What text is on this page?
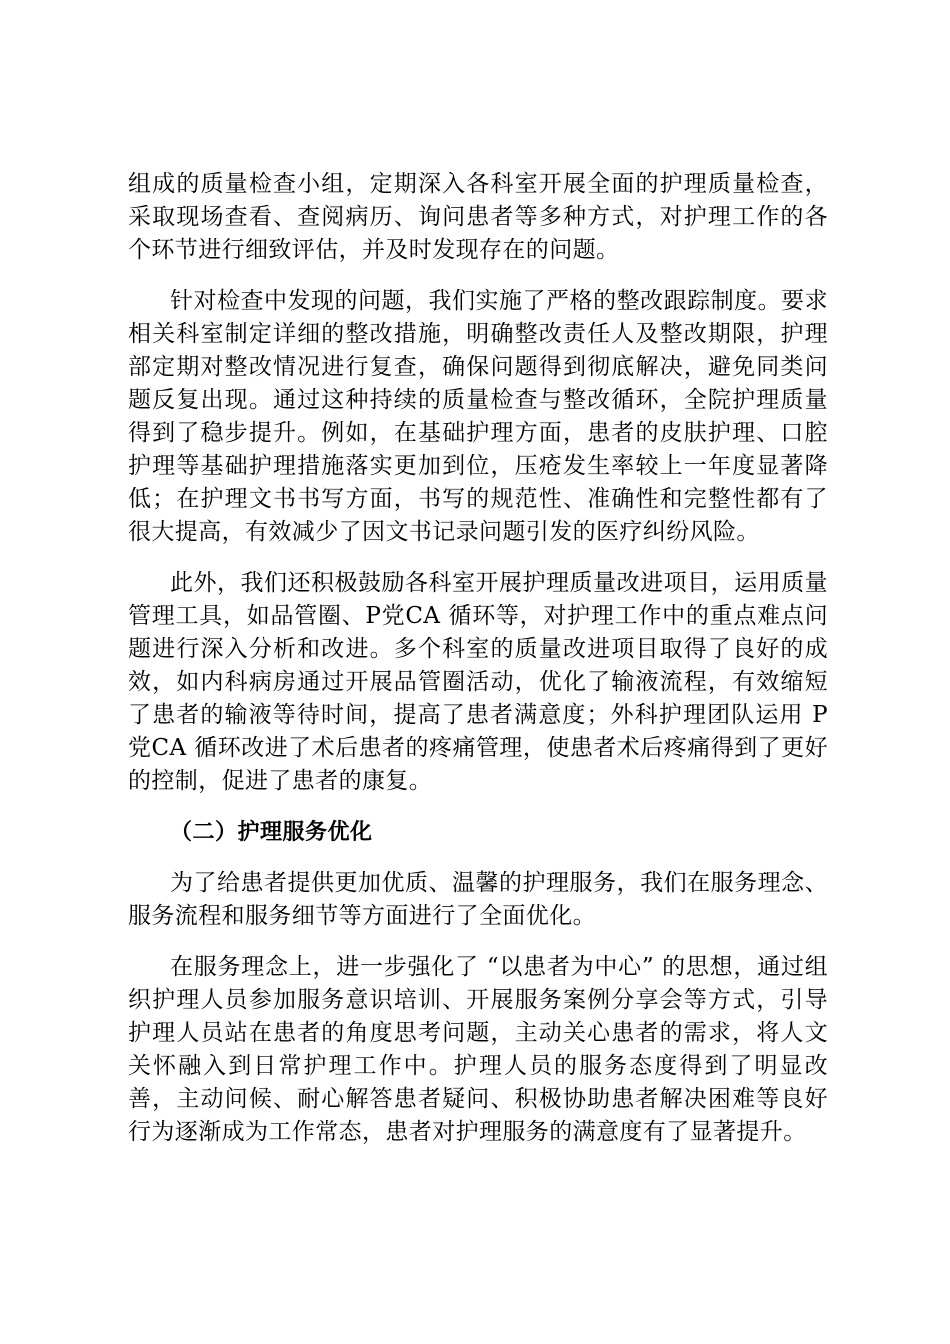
组成的质量检查小组，定期深入各科室开展全面的护理质量检查，采取现场查看、查阅病历、询问患者等多种方式，对护理工作的各个环节进行细致评估，并及时发现存在的问题。

针对检查中发现的问题，我们实施了严格的整改跟踪制度。要求相关科室制定详细的整改措施，明确整改责任人及整改期限，护理部定期对整改情况进行复查，确保问题得到彻底解决，避免同类问题反复出现。通过这种持续的质量检查与整改循环，全院护理质量得到了稳步提升。例如，在基础护理方面，患者的皮肤护理、口腔护理等基础护理措施落实更加到位，压疮发生率较上一年度显著降低；在护理文书书写方面，书写的规范性、准确性和完整性都有了很大提高，有效减少了因文书记录问题引发的医疗纠纷风险。

此外，我们还积极鼓励各科室开展护理质量改进项目，运用质量管理工具，如品管圈、P党CA 循环等，对护理工作中的重点难点问题进行深入分析和改进。多个科室的质量改进项目取得了良好的成效，如内科病房通过开展品管圈活动，优化了输液流程，有效缩短了患者的输液等待时间，提高了患者满意度；外科护理团队运用 P党CA 循环改进了术后患者的疼痛管理，使患者术后疼痛得到了更好的控制，促进了患者的康复。

（二）护理服务优化

为了给患者提供更加优质、温馨的护理服务，我们在服务理念、服务流程和服务细节等方面进行了全面优化。

在服务理念上，进一步强化了 “以患者为中心” 的思想，通过组织护理人员参加服务意识培训、开展服务案例分享会等方式，引导护理人员站在患者的角度思考问题，主动关心患者的需求，将人文关怀融入到日常护理工作中。护理人员的服务态度得到了明显改善，主动问候、耐心解答患者疑问、积极协助患者解决困难等良好行为逐渐成为工作常态，患者对护理服务的满意度有了显著提升。
